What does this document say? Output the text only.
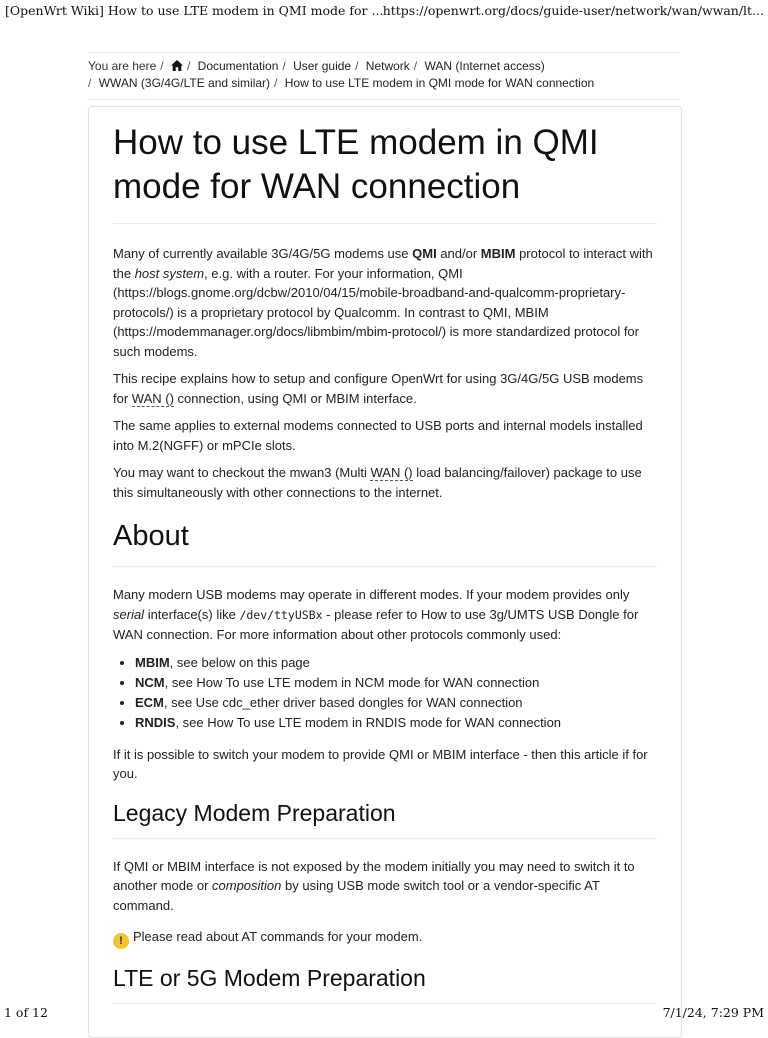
[OpenWrt Wiki] How to use LTE modem in QMI mode for ... https://openwrt.org/docs/guide-user/network/wan/wwan/lt...
You are here / / Documentation / User guide / Network / WAN (Internet access)
/ WWAN (3G/4G/LTE and similar) / How to use LTE modem in QMI mode for WAN connection
How to use LTE modem in QMI mode for WAN connection

Many of currently available 3G/4G/5G modems use QMI and/or MBIM protocol to interact with the host system, e.g. with a router. For your information, QMI (https://blogs.gnome.org/dcbw/2010/04/15/mobile-broadband-and-qualcomm-proprietary-protocols/) is a proprietary protocol by Qualcomm. In contrast to QMI, MBIM (https://modemmanager.org/docs/libmbim/mbim-protocol/) is more standardized protocol for such modems.

This recipe explains how to setup and configure OpenWrt for using 3G/4G/5G USB modems for WAN () connection, using QMI or MBIM interface.

The same applies to external modems connected to USB ports and internal models installed into M.2(NGFF) or mPCIe slots.

You may want to checkout the mwan3 (Multi WAN () load balancing/failover) package to use this simultaneously with other connections to the internet.

About

Many modern USB modems may operate in different modes. If your modem provides only serial interface(s) like /dev/ttyUSBx - please refer to How to use 3g/UMTS USB Dongle for WAN connection. For more information about other protocols commonly used:

• MBIM, see below on this page
• NCM, see How To use LTE modem in NCM mode for WAN connection
• ECM, see Use cdc_ether driver based dongles for WAN connection
• RNDIS, see How To use LTE modem in RNDIS mode for WAN connection

If it is possible to switch your modem to provide QMI or MBIM interface - then this article if for you.

Legacy Modem Preparation

If QMI or MBIM interface is not exposed by the modem initially you may need to switch it to another mode or composition by using USB mode switch tool or a vendor-specific AT command.

! Please read about AT commands for your modem.

LTE or 5G Modem Preparation
1 of 12	7/1/24, 7:29 PM
